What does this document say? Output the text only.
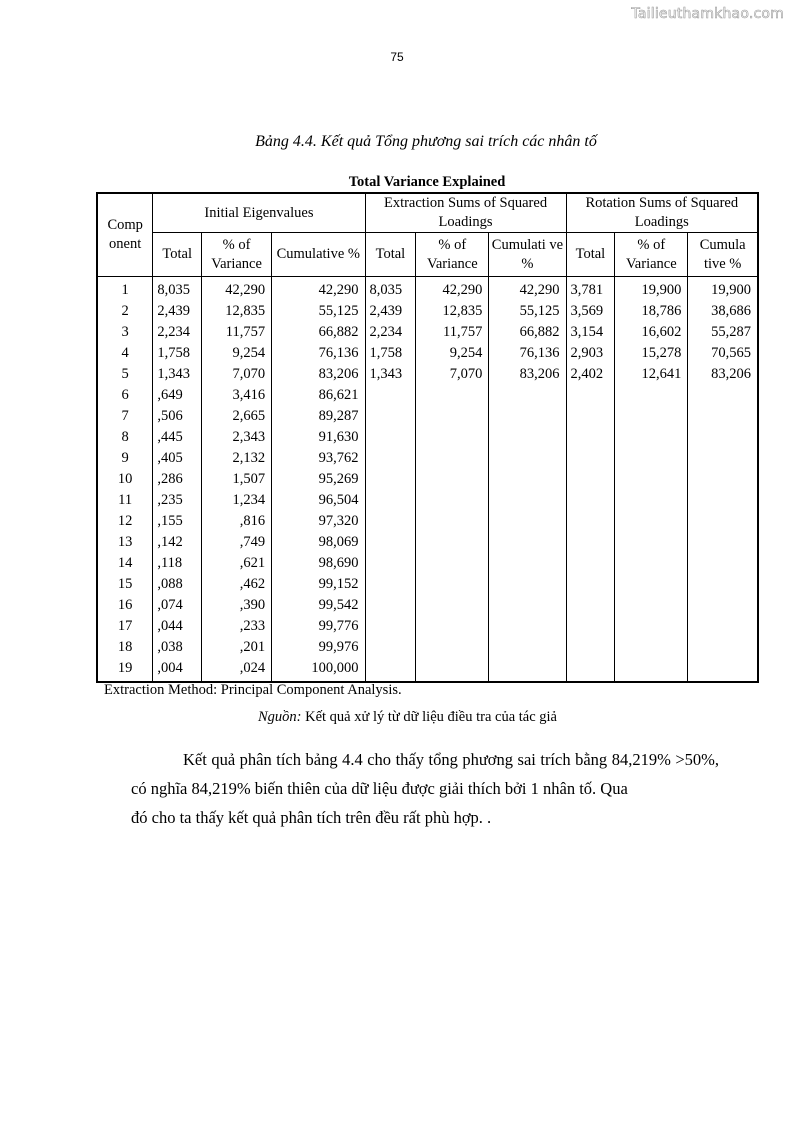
Tailieuthamkhao.com
75
Bảng 4.4. Kết quả Tổng phương sai trích các nhân tố
Total Variance Explained
Comp onent	Initial Eigenvalues			Extraction Sums of Squared Loadings			Rotation Sums of Squared Loadings		
	Total	% of Variance	Cumulative %	Total	% of Variance	Cumulati ve %	Total	% of Variance	Cumula tive %
1	8,035	42,290	42,290	8,035	42,290	42,290	3,781	19,900	19,900
2	2,439	12,835	55,125	2,439	12,835	55,125	3,569	18,786	38,686
3	2,234	11,757	66,882	2,234	11,757	66,882	3,154	16,602	55,287
4	1,758	9,254	76,136	1,758	9,254	76,136	2,903	15,278	70,565
5	1,343	7,070	83,206	1,343	7,070	83,206	2,402	12,641	83,206
6	,649	3,416	86,621						
7	,506	2,665	89,287						
8	,445	2,343	91,630						
9	,405	2,132	93,762						
10	,286	1,507	95,269						
11	,235	1,234	96,504						
12	,155	,816	97,320						
13	,142	,749	98,069						
14	,118	,621	98,690						
15	,088	,462	99,152						
16	,074	,390	99,542						
17	,044	,233	99,776						
18	,038	,201	99,976						
19	,004	,024	100,000						
Extraction Method: Principal Component Analysis.
Nguồn: Kết quả xử lý từ dữ liệu điều tra của tác giả

Kết quả phân tích bảng 4.4 cho thấy tổng phương sai trích bằng 84,219% >50%, có nghĩa 84,219% biến thiên của dữ liệu được giải thích bởi 1 nhân tố. Qua

đó cho ta thấy kết quả phân tích trên đều rất phù hợp. .
